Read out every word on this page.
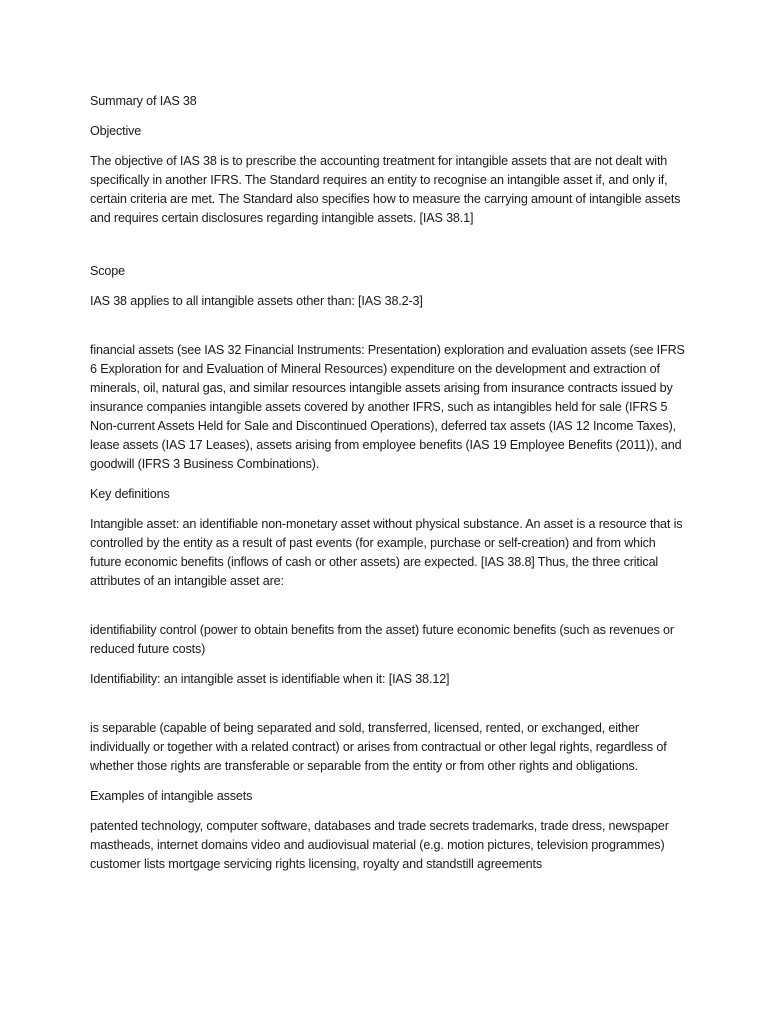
Summary of IAS 38

Objective

The objective of IAS 38 is to prescribe the accounting treatment for intangible assets that are not dealt with specifically in another IFRS. The Standard requires an entity to recognise an intangible asset if, and only if, certain criteria are met. The Standard also specifies how to measure the carrying amount of intangible assets and requires certain disclosures regarding intangible assets. [IAS 38.1]

Scope

IAS 38 applies to all intangible assets other than: [IAS 38.2-3]

financial assets (see IAS 32 Financial Instruments: Presentation) exploration and evaluation assets (see IFRS 6 Exploration for and Evaluation of Mineral Resources) expenditure on the development and extraction of minerals, oil, natural gas, and similar resources intangible assets arising from insurance contracts issued by insurance companies intangible assets covered by another IFRS, such as intangibles held for sale (IFRS 5 Non-current Assets Held for Sale and Discontinued Operations), deferred tax assets (IAS 12 Income Taxes), lease assets (IAS 17 Leases), assets arising from employee benefits (IAS 19 Employee Benefits (2011)), and goodwill (IFRS 3 Business Combinations).

Key definitions

Intangible asset: an identifiable non-monetary asset without physical substance. An asset is a resource that is controlled by the entity as a result of past events (for example, purchase or self-creation) and from which future economic benefits (inflows of cash or other assets) are expected. [IAS 38.8] Thus, the three critical attributes of an intangible asset are:

identifiability control (power to obtain benefits from the asset) future economic benefits (such as revenues or reduced future costs)

Identifiability: an intangible asset is identifiable when it: [IAS 38.12]

is separable (capable of being separated and sold, transferred, licensed, rented, or exchanged, either individually or together with a related contract) or arises from contractual or other legal rights, regardless of whether those rights are transferable or separable from the entity or from other rights and obligations.

Examples of intangible assets

patented technology, computer software, databases and trade secrets trademarks, trade dress, newspaper mastheads, internet domains video and audiovisual material (e.g. motion pictures, television programmes) customer lists mortgage servicing rights licensing, royalty and standstill agreements
